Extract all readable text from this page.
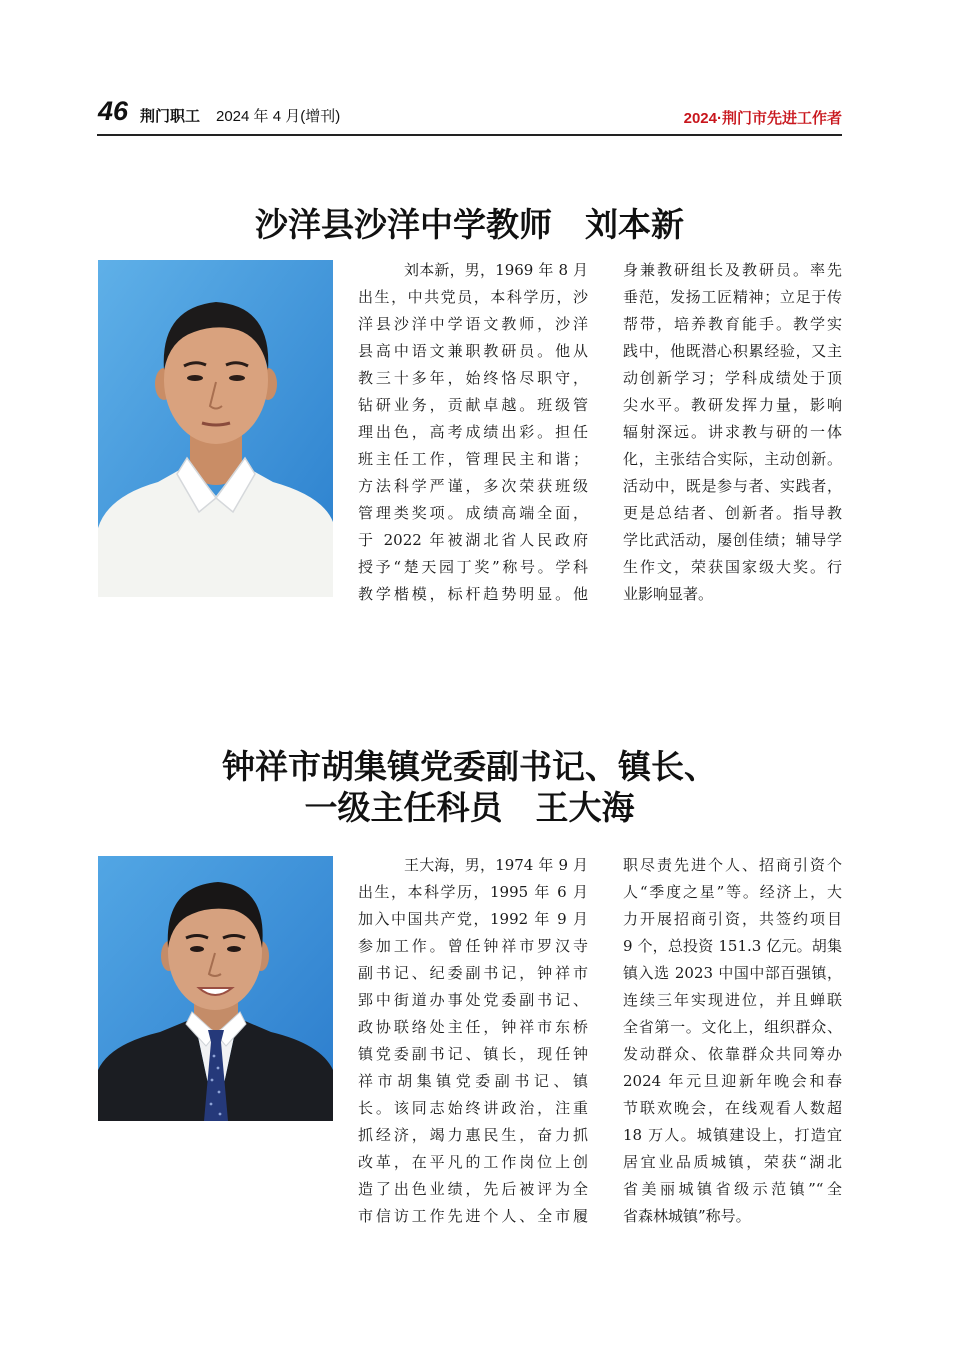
46 荆门职工 2024 年 4 月(增刊)	2024·荆门市先进工作者
沙洋县沙洋中学教师　刘本新
刘本新，男，1969 年 8 月
出生，中共党员，本科学历，沙
洋县沙洋中学语文教师，沙洋
县高中语文兼职教研员。他从
教三十多年，始终恪尽职守，
钻研业务，贡献卓越。班级管
理出色，高考成绩出彩。担任
班主任工作，管理民主和谐；
方法科学严谨，多次荣获班级
管理类奖项。成绩高端全面，
于 2022 年被湖北省人民政府
授予“楚天园丁奖”称号。学科
教学楷模，标杆趋势明显。他
身兼教研组长及教研员。率先
垂范，发扬工匠精神；立足于传
帮带，培养教育能手。教学实
践中，他既潜心积累经验，又主
动创新学习；学科成绩处于顶
尖水平。教研发挥力量，影响
辐射深远。讲求教与研的一体
化，主张结合实际，主动创新。
活动中，既是参与者、实践者，
更是总结者、创新者。指导教
学比武活动，屡创佳绩；辅导学
生作文，荣获国家级大奖。行
业影响显著。
钟祥市胡集镇党委副书记、镇长、
一级主任科员　王大海
王大海，男，1974 年 9 月
出生，本科学历，1995 年 6 月
加入中国共产党，1992 年 9 月
参加工作。曾任钟祥市罗汉寺
副书记、纪委副书记，钟祥市
郢中街道办事处党委副书记、
政协联络处主任，钟祥市东桥
镇党委副书记、镇长，现任钟
祥市胡集镇党委副书记、镇
长。该同志始终讲政治，注重
抓经济，竭力惠民生，奋力抓
改革，在平凡的工作岗位上创
造了出色业绩，先后被评为全
市信访工作先进个人、全市履
职尽责先进个人、招商引资个
人“季度之星”等。经济上，大
力开展招商引资，共签约项目
9 个，总投资 151.3 亿元。胡集
镇入选 2023 中国中部百强镇，
连续三年实现进位，并且蝉联
全省第一。文化上，组织群众、
发动群众、依靠群众共同筹办
2024 年元旦迎新年晚会和春
节联欢晚会，在线观看人数超
18 万人。城镇建设上，打造宜
居宜业品质城镇，荣获“湖北
省美丽城镇省级示范镇”“全
省森林城镇”称号。
